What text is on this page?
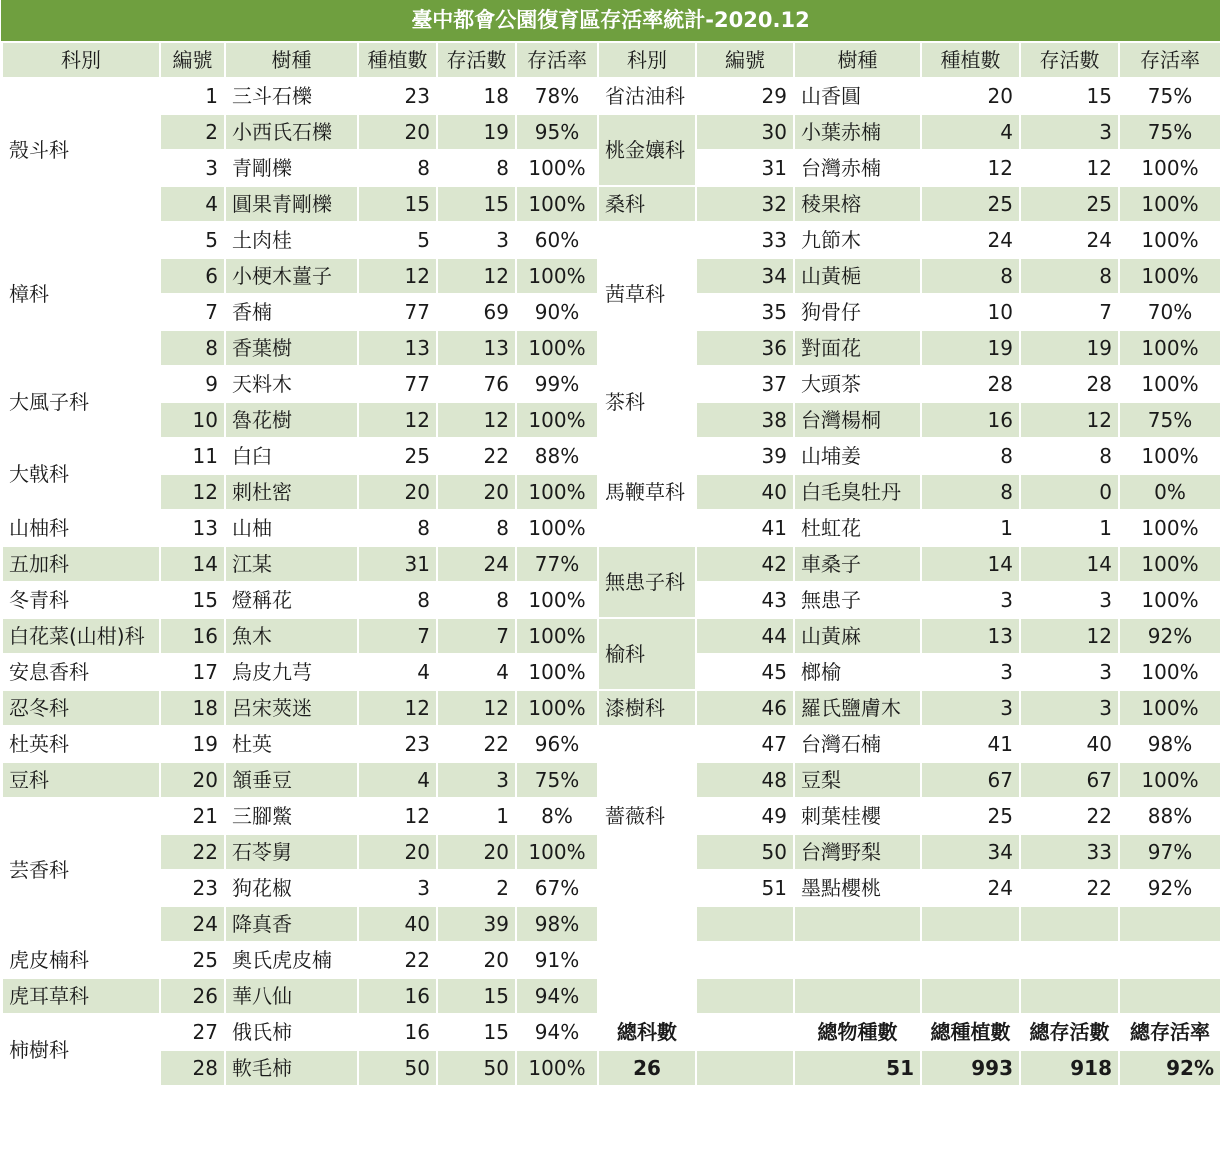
臺中都會公園復育區存活率統計-2020.12
科別	編號	樹種	種植數	存活數	存活率	科別	編號	樹種	種植數	存活數	存活率
殼斗科	1	三斗石櫟	23	18	78%	省沽油科	29	山香圓	20	15	75%
	2	小西氏石櫟	20	19	95%	桃金孃科	30	小葉赤楠	4	3	75%
	3	青剛櫟	8	8	100%		31	台灣赤楠	12	12	100%
	4	圓果青剛櫟	15	15	100%	桑科	32	稜果榕	25	25	100%
樟科	5	土肉桂	5	3	60%	茜草科	33	九節木	24	24	100%
	6	小梗木薑子	12	12	100%		34	山黃梔	8	8	100%
	7	香楠	77	69	90%		35	狗骨仔	10	7	70%
	8	香葉樹	13	13	100%		36	對面花	19	19	100%
大風子科	9	天料木	77	76	99%	茶科	37	大頭茶	28	28	100%
	10	魯花樹	12	12	100%		38	台灣楊桐	16	12	75%
大戟科	11	白臼	25	22	88%	馬鞭草科	39	山埔姜	8	8	100%
	12	刺杜密	20	20	100%		40	白毛臭牡丹	8	0	0%
山柚科	13	山柚	8	8	100%		41	杜虹花	1	1	100%
五加科	14	江某	31	24	77%	無患子科	42	車桑子	14	14	100%
冬青科	15	燈稱花	8	8	100%		43	無患子	3	3	100%
白花菜(山柑)科	16	魚木	7	7	100%	榆科	44	山黃麻	13	12	92%
安息香科	17	烏皮九芎	4	4	100%		45	榔榆	3	3	100%
忍冬科	18	呂宋莢迷	12	12	100%	漆樹科	46	羅氏鹽膚木	3	3	100%
杜英科	19	杜英	23	22	96%	薔薇科	47	台灣石楠	41	40	98%
豆科	20	頷垂豆	4	3	75%		48	豆梨	67	67	100%
芸香科	21	三腳鱉	12	1	8%		49	刺葉桂櫻	25	22	88%
	22	石苓舅	20	20	100%		50	台灣野梨	34	33	97%
	23	狗花椒	3	2	67%		51	墨點櫻桃	24	22	92%
	24	降真香	40	39	98%						
虎皮楠科	25	奧氏虎皮楠	22	20	91%						
虎耳草科	26	華八仙	16	15	94%						
柿樹科	27	俄氏柿	16	15	94%	總科數		總物種數	總種植數	總存活數	總存活率
	28	軟毛柿	50	50	100%	26		51	993	918	92%
